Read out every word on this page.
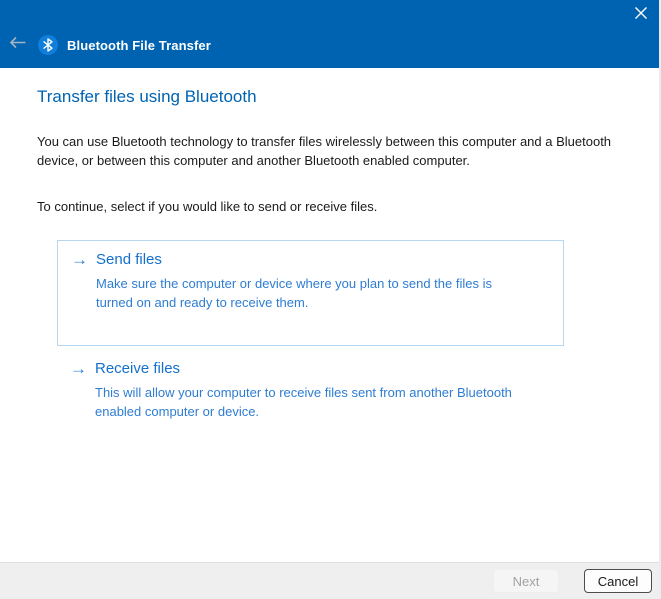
Bluetooth File Transfer
Transfer files using Bluetooth
You can use Bluetooth technology to transfer files wirelessly between this computer and a Bluetooth device, or between this computer and another Bluetooth enabled computer.
To continue, select if you would like to send or receive files.
→ Send files
Make sure the computer or device where you plan to send the files is turned on and ready to receive them.
→ Receive files
This will allow your computer to receive files sent from another Bluetooth enabled computer or device.
Next	Cancel
